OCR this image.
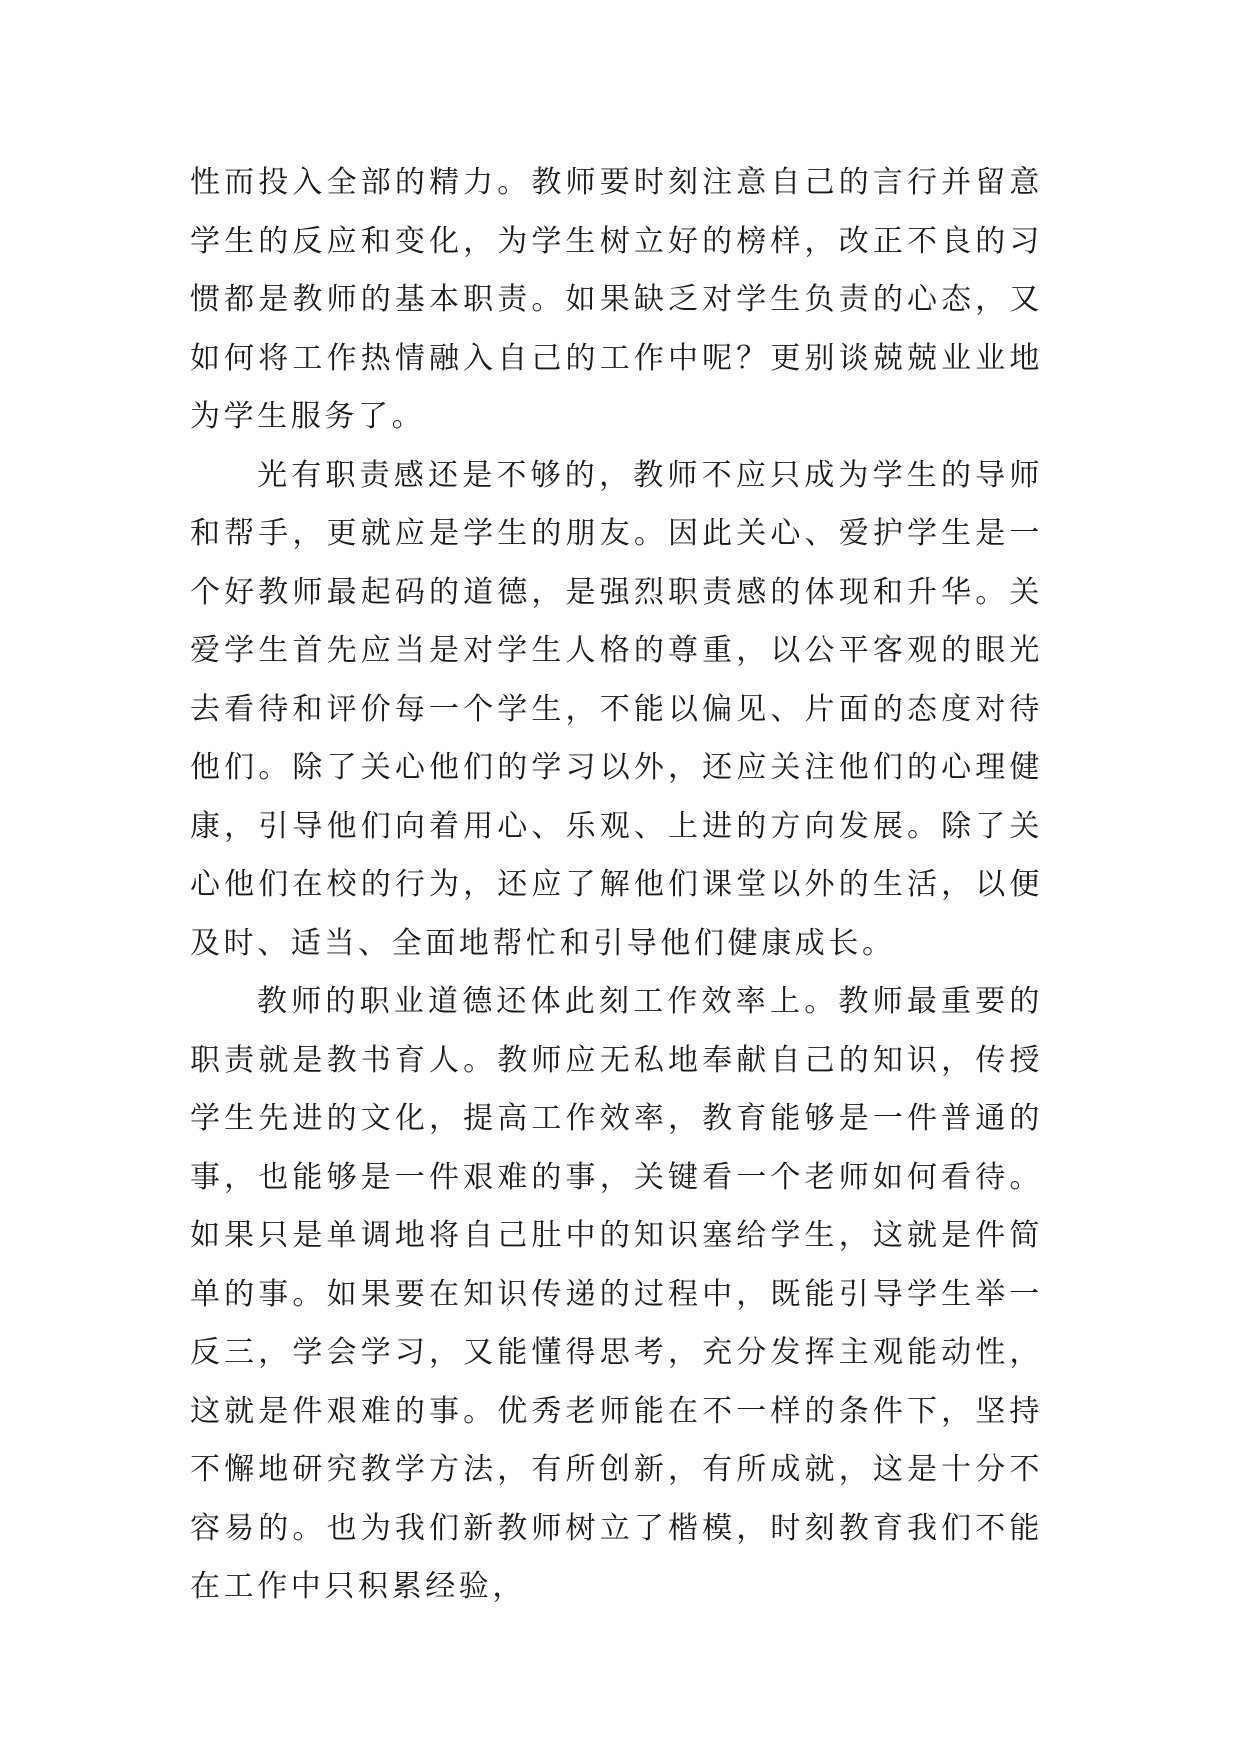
性而投入全部的精力。教师要时刻注意自己的言行并留意学生的反应和变化，为学生树立好的榜样，改正不良的习惯都是教师的基本职责。如果缺乏对学生负责的心态，又如何将工作热情融入自己的工作中呢？更别谈兢兢业业地为学生服务了。

光有职责感还是不够的，教师不应只成为学生的导师和帮手，更就应是学生的朋友。因此关心、爱护学生是一个好教师最起码的道德，是强烈职责感的体现和升华。关爱学生首先应当是对学生人格的尊重，以公平客观的眼光去看待和评价每一个学生，不能以偏见、片面的态度对待他们。除了关心他们的学习以外，还应关注他们的心理健康，引导他们向着用心、乐观、上进的方向发展。除了关心他们在校的行为，还应了解他们课堂以外的生活，以便及时、适当、全面地帮忙和引导他们健康成长。

教师的职业道德还体此刻工作效率上。教师最重要的职责就是教书育人。教师应无私地奉献自己的知识，传授学生先进的文化，提高工作效率，教育能够是一件普通的事，也能够是一件艰难的事，关键看一个老师如何看待。如果只是单调地将自己肚中的知识塞给学生，这就是件简单的事。如果要在知识传递的过程中，既能引导学生举一反三，学会学习，又能懂得思考，充分发挥主观能动性，这就是件艰难的事。优秀老师能在不一样的条件下，坚持不懈地研究教学方法，有所创新，有所成就，这是十分不容易的。也为我们新教师树立了楷模，时刻教育我们不能在工作中只积累经验，
